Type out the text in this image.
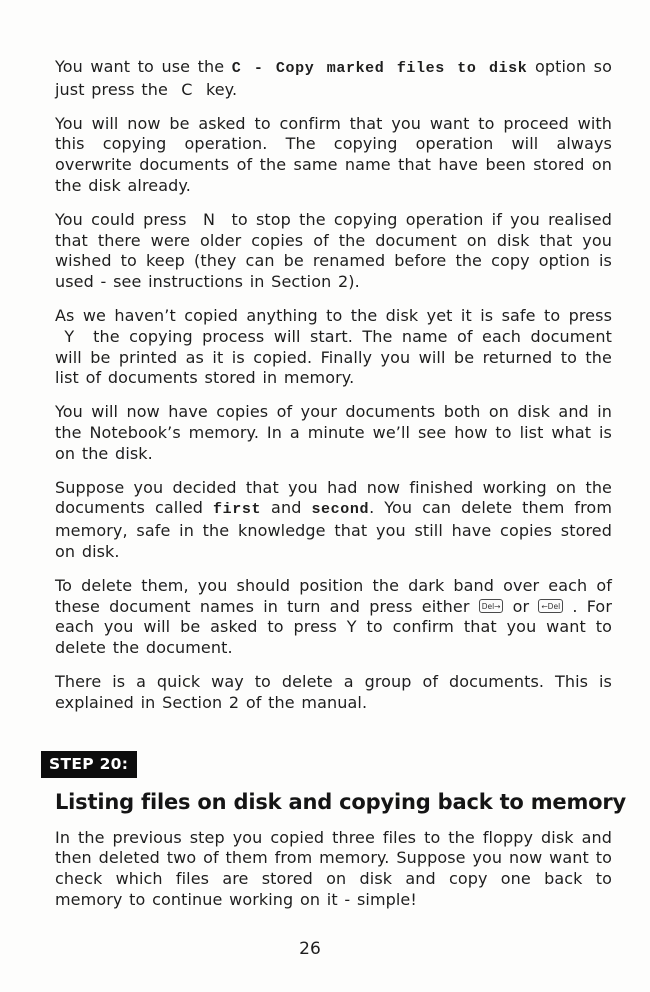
You want to use the C - Copy marked files to disk option so just press the  C  key.

You will now be asked to confirm that you want to proceed with this copying operation. The copying operation will always overwrite documents of the same name that have been stored on the disk already.

You could press  N  to stop the copying operation if you realised that there were older copies of the document on disk that you wished to keep (they can be renamed before the copy option is used - see instructions in Section 2).

As we haven’t copied anything to the disk yet it is safe to press  Y  the copying process will start. The name of each document will be printed as it is copied. Finally you will be returned to the list of documents stored in memory.

You will now have copies of your documents both on disk and in the Notebook’s memory. In a minute we’ll see how to list what is on the disk.

Suppose you decided that you had now finished working on the documents called first and second. You can delete them from memory, safe in the knowledge that you still have copies stored on disk.

To delete them, you should position the dark band over each of these document names in turn and press either Del→ or ←Del . For each you will be asked to press Y to confirm that you want to delete the document.

There is a quick way to delete a group of documents. This is explained in Section 2 of the manual.

STEP 20:
Listing files on disk and copying back to memory

In the previous step you copied three files to the floppy disk and then deleted two of them from memory. Suppose you now want to check which files are stored on disk and copy one back to memory to continue working on it - simple!

26
